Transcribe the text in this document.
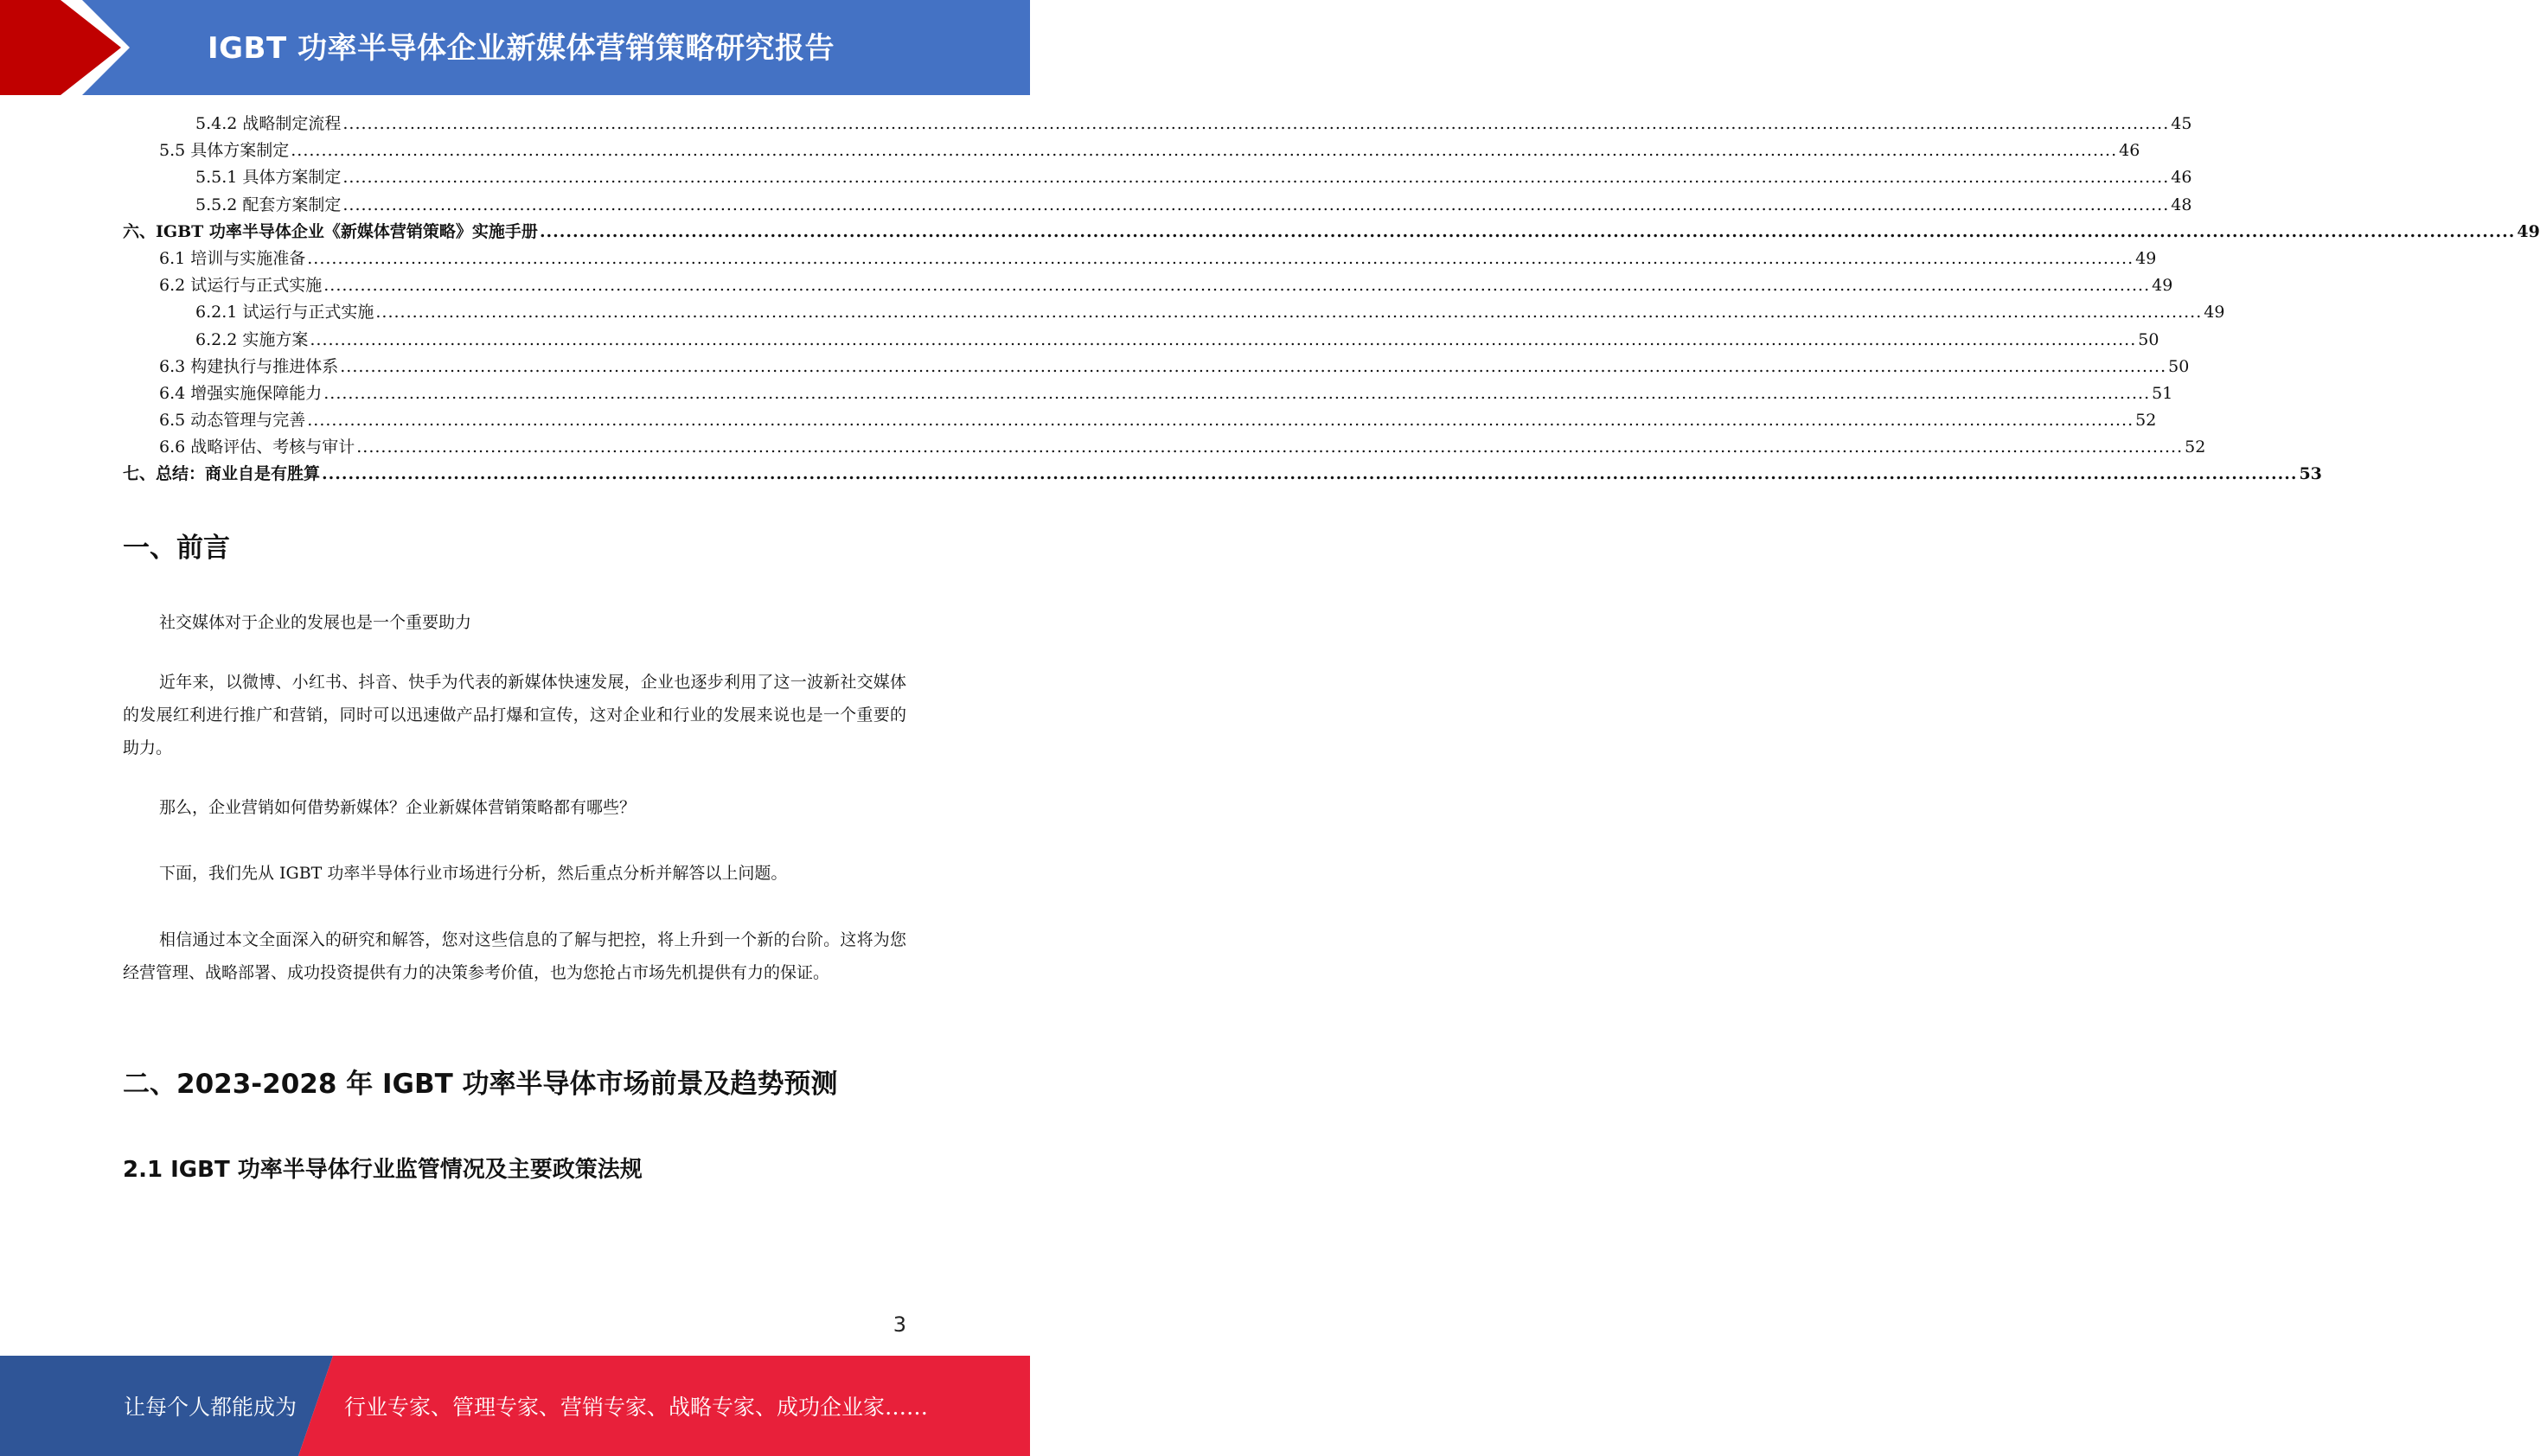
IGBT 功率半导体企业新媒体营销策略研究报告
5.4.2 战略制定流程 ............................................................................................................................................................................................................................................................................................................ 45
5.5 具体方案制定 ............................................................................................................................................................................................................................................................................................................ 46
5.5.1 具体方案制定 ............................................................................................................................................................................................................................................................................................................ 46
5.5.2 配套方案制定 ............................................................................................................................................................................................................................................................................................................ 48
六、IGBT 功率半导体企业《新媒体营销策略》实施手册 ............................................................................................................................................................................................................................................................................................................ 49
6.1 培训与实施准备 ............................................................................................................................................................................................................................................................................................................ 49
6.2 试运行与正式实施 ............................................................................................................................................................................................................................................................................................................ 49
6.2.1 试运行与正式实施 ............................................................................................................................................................................................................................................................................................................ 49
6.2.2 实施方案 ............................................................................................................................................................................................................................................................................................................ 50
6.3 构建执行与推进体系 ............................................................................................................................................................................................................................................................................................................ 50
6.4 增强实施保障能力 ............................................................................................................................................................................................................................................................................................................ 51
6.5 动态管理与完善 ............................................................................................................................................................................................................................................................................................................ 52
6.6 战略评估、考核与审计 ............................................................................................................................................................................................................................................................................................................ 52
七、总结：商业自是有胜算 ............................................................................................................................................................................................................................................................................................................ 53
一、前言

社交媒体对于企业的发展也是一个重要助力

近年来，以微博、小红书、抖音、快手为代表的新媒体快速发展，企业也逐步利用了这一波新社交媒体的发展红利进行推广和营销，同时可以迅速做产品打爆和宣传，这对企业和行业的发展来说也是一个重要的助力。

那么，企业营销如何借势新媒体？企业新媒体营销策略都有哪些？

下面，我们先从 IGBT 功率半导体行业市场进行分析，然后重点分析并解答以上问题。

相信通过本文全面深入的研究和解答，您对这些信息的了解与把控，将上升到一个新的台阶。这将为您经营管理、战略部署、成功投资提供有力的决策参考价值，也为您抢占市场先机提供有力的保证。

二、2023-2028 年 IGBT 功率半导体市场前景及趋势预测
2.1 IGBT 功率半导体行业监管情况及主要政策法规
3
让每个人都能成为 行业专家、管理专家、营销专家、战略专家、成功企业家……
